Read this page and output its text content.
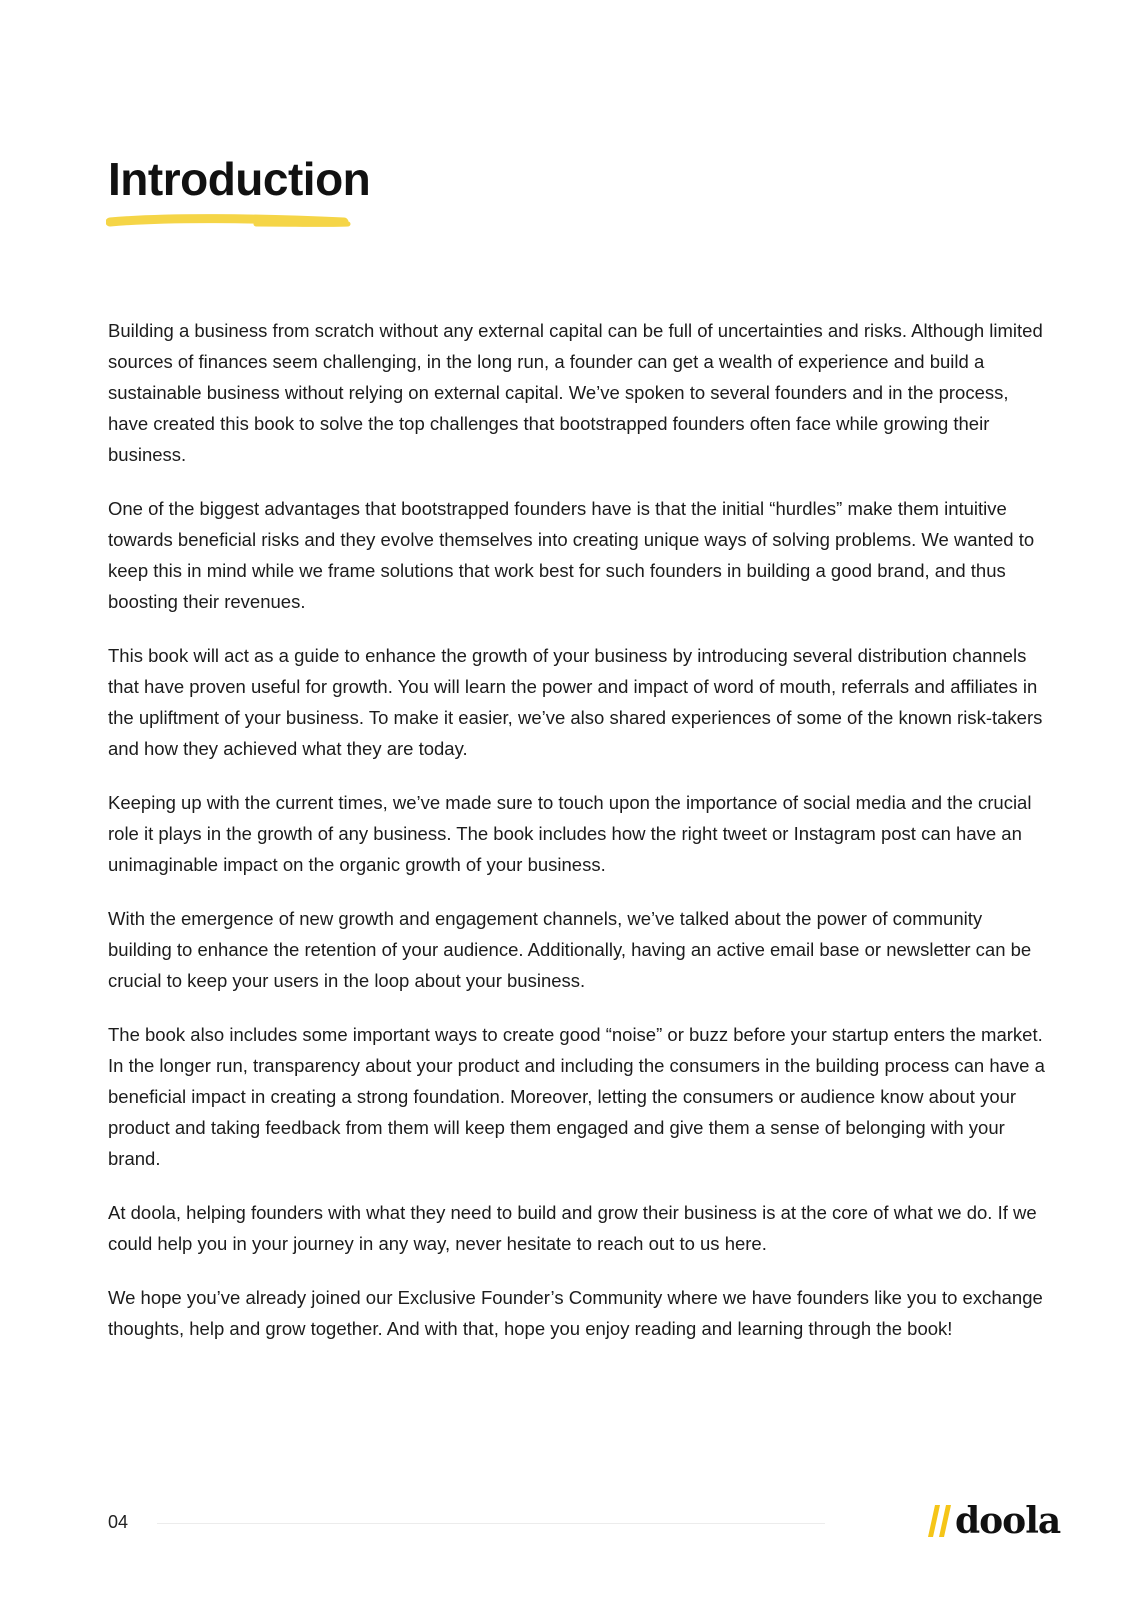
Introduction

Building a business from scratch without any external capital can be full of uncertainties and risks. Although limited sources of finances seem challenging, in the long run, a founder can get a wealth of experience and build a sustainable business without relying on external capital. We’ve spoken to several founders and in the process, have created this book to solve the top challenges that bootstrapped founders often face while growing their business.

One of the biggest advantages that bootstrapped founders have is that the initial “hurdles” make them intuitive towards beneficial risks and they evolve themselves into creating unique ways of solving problems. We wanted to keep this in mind while we frame solutions that work best for such founders in building a good brand, and thus boosting their revenues.

This book will act as a guide to enhance the growth of your business by introducing several distribution channels that have proven useful for growth. You will learn the power and impact of word of mouth, referrals and affiliates in the upliftment of your business. To make it easier, we’ve also shared experiences of some of the known risk-takers and how they achieved what they are today.

Keeping up with the current times, we’ve made sure to touch upon the importance of social media and the crucial role it plays in the growth of any business. The book includes how the right tweet or Instagram post can have an unimaginable impact on the organic growth of your business.

With the emergence of new growth and engagement channels, we’ve talked about the power of community building to enhance the retention of your audience. Additionally, having an active email base or newsletter can be crucial to keep your users in the loop about your business.

The book also includes some important ways to create good “noise” or buzz before your startup enters the market. In the longer run, transparency about your product and including the consumers in the building process can have a beneficial impact in creating a strong foundation. Moreover, letting the consumers or audience know about your product and taking feedback from them will keep them engaged and give them a sense of belonging with your brand.

At doola, helping founders with what they need to build and grow their business is at the core of what we do. If we could help you in your journey in any way, never hesitate to reach out to us here.

We hope you’ve already joined our Exclusive Founder’s Community where we have founders like you to exchange thoughts, help and grow together. And with that, hope you enjoy reading and learning through the book!

04	doola
